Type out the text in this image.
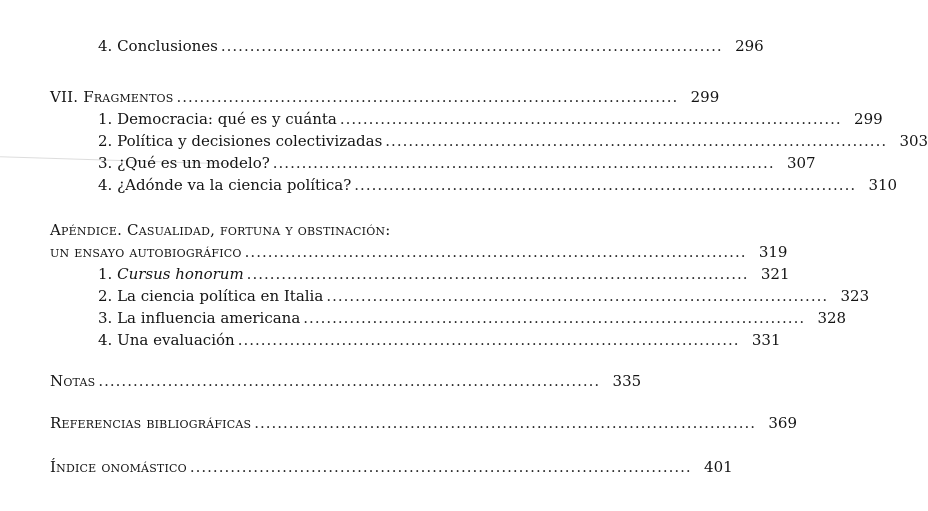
4. Conclusiones ....................................................................................... 296
VII. Fragmentos ....................................................................................... 299
1. Democracia: qué es y cuánta ....................................................................................... 299
2. Política y decisiones colectivizadas ....................................................................................... 303
3. ¿Qué es un modelo? ....................................................................................... 307
4. ¿Adónde va la ciencia política? ....................................................................................... 310
Apéndice. Casualidad, fortuna y obstinación:
un ensayo autobiográfico ....................................................................................... 319
1. Cursus honorum ....................................................................................... 321
2. La ciencia política en Italia ....................................................................................... 323
3. La influencia americana ....................................................................................... 328
4. Una evaluación ....................................................................................... 331
Notas ....................................................................................... 335
Referencias bibliográficas ....................................................................................... 369
Índice onomástico ....................................................................................... 401
